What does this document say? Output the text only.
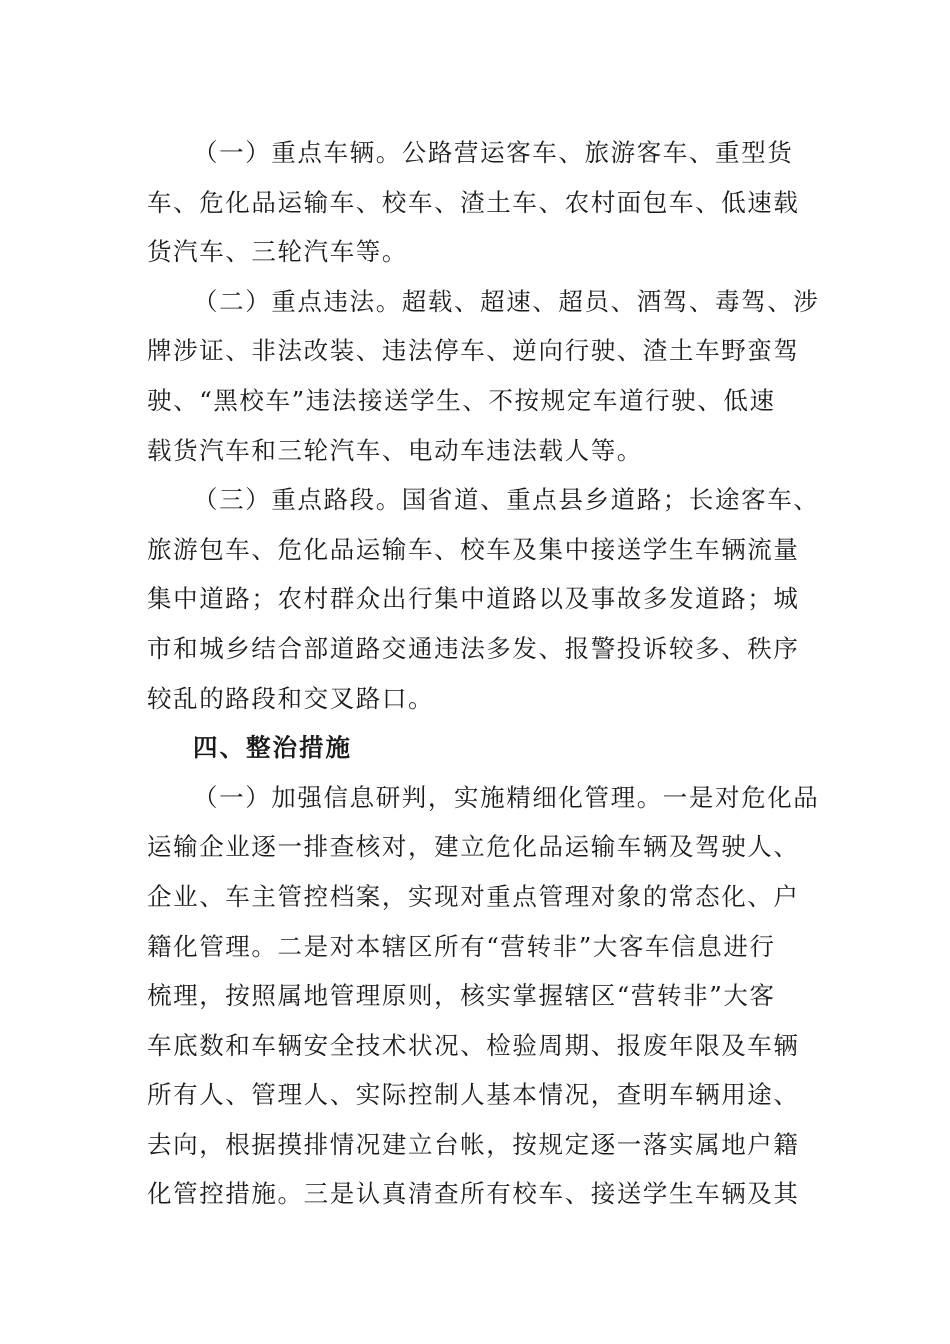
（一）重点车辆。公路营运客车、旅游客车、重型货
车、危化品运输车、校车、渣土车、农村面包车、低速载
货汽车、三轮汽车等。
（二）重点违法。超载、超速、超员、酒驾、毒驾、涉
牌涉证、非法改装、违法停车、逆向行驶、渣土车野蛮驾
驶、“黑校车”违法接送学生、不按规定车道行驶、低速
载货汽车和三轮汽车、电动车违法载人等。
（三）重点路段。国省道、重点县乡道路；长途客车、
旅游包车、危化品运输车、校车及集中接送学生车辆流量
集中道路；农村群众出行集中道路以及事故多发道路；城
市和城乡结合部道路交通违法多发、报警投诉较多、秩序
较乱的路段和交叉路口。
四、整治措施
（一）加强信息研判，实施精细化管理。一是对危化品
运输企业逐一排查核对，建立危化品运输车辆及驾驶人、
企业、车主管控档案，实现对重点管理对象的常态化、户
籍化管理。二是对本辖区所有“营转非”大客车信息进行
梳理，按照属地管理原则，核实掌握辖区“营转非”大客
车底数和车辆安全技术状况、检验周期、报废年限及车辆
所有人、管理人、实际控制人基本情况，查明车辆用途、
去向，根据摸排情况建立台帐，按规定逐一落实属地户籍
化管控措施。三是认真清查所有校车、接送学生车辆及其
